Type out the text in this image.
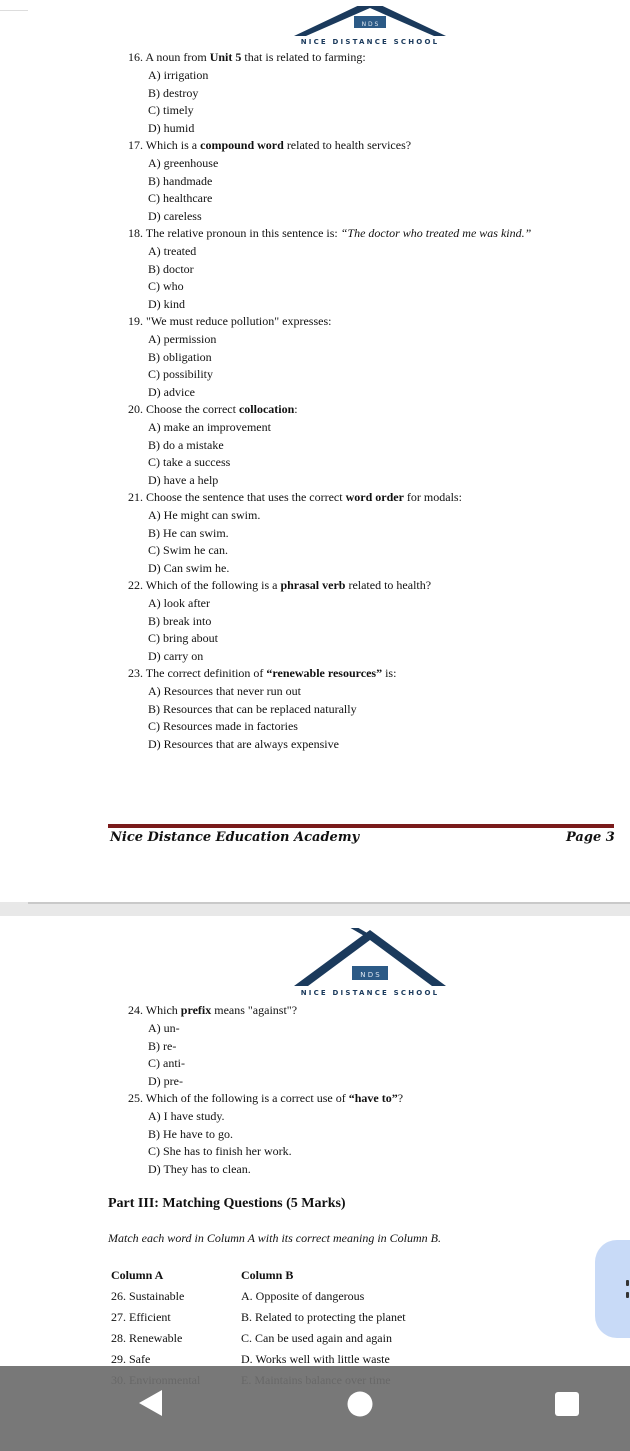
N D S
NICE DISTANCE SCHOOL
16. A noun from Unit 5 that is related to farming:
A) irrigation
B) destroy
C) timely
D) humid
17. Which is a compound word related to health services?
A) greenhouse
B) handmade
C) healthcare
D) careless
18. The relative pronoun in this sentence is: “The doctor who treated me was kind.”
A) treated
B) doctor
C) who
D) kind
19. "We must reduce pollution" expresses:
A) permission
B) obligation
C) possibility
D) advice
20. Choose the correct collocation:
A) make an improvement
B) do a mistake
C) take a success
D) have a help
21. Choose the sentence that uses the correct word order for modals:
A) He might can swim.
B) He can swim.
C) Swim he can.
D) Can swim he.
22. Which of the following is a phrasal verb related to health?
A) look after
B) break into
C) bring about
D) carry on
23. The correct definition of “renewable resources” is:
A) Resources that never run out
B) Resources that can be replaced naturally
C) Resources made in factories
D) Resources that are always expensive
Nice Distance Education Academy	Page 3
N D S
NICE DISTANCE SCHOOL
24. Which prefix means "against"?
A) un-
B) re-
C) anti-
D) pre-
25. Which of the following is a correct use of “have to”?
A) I have study.
B) He have to go.
C) She has to finish her work.
D) They has to clean.
Part III: Matching Questions (5 Marks)
Match each word in Column A with its correct meaning in Column B.
Column A	Column B
26. Sustainable	A. Opposite of dangerous
27. Efficient	B. Related to protecting the planet
28. Renewable	C. Can be used again and again
29. Safe	D. Works well with little waste
